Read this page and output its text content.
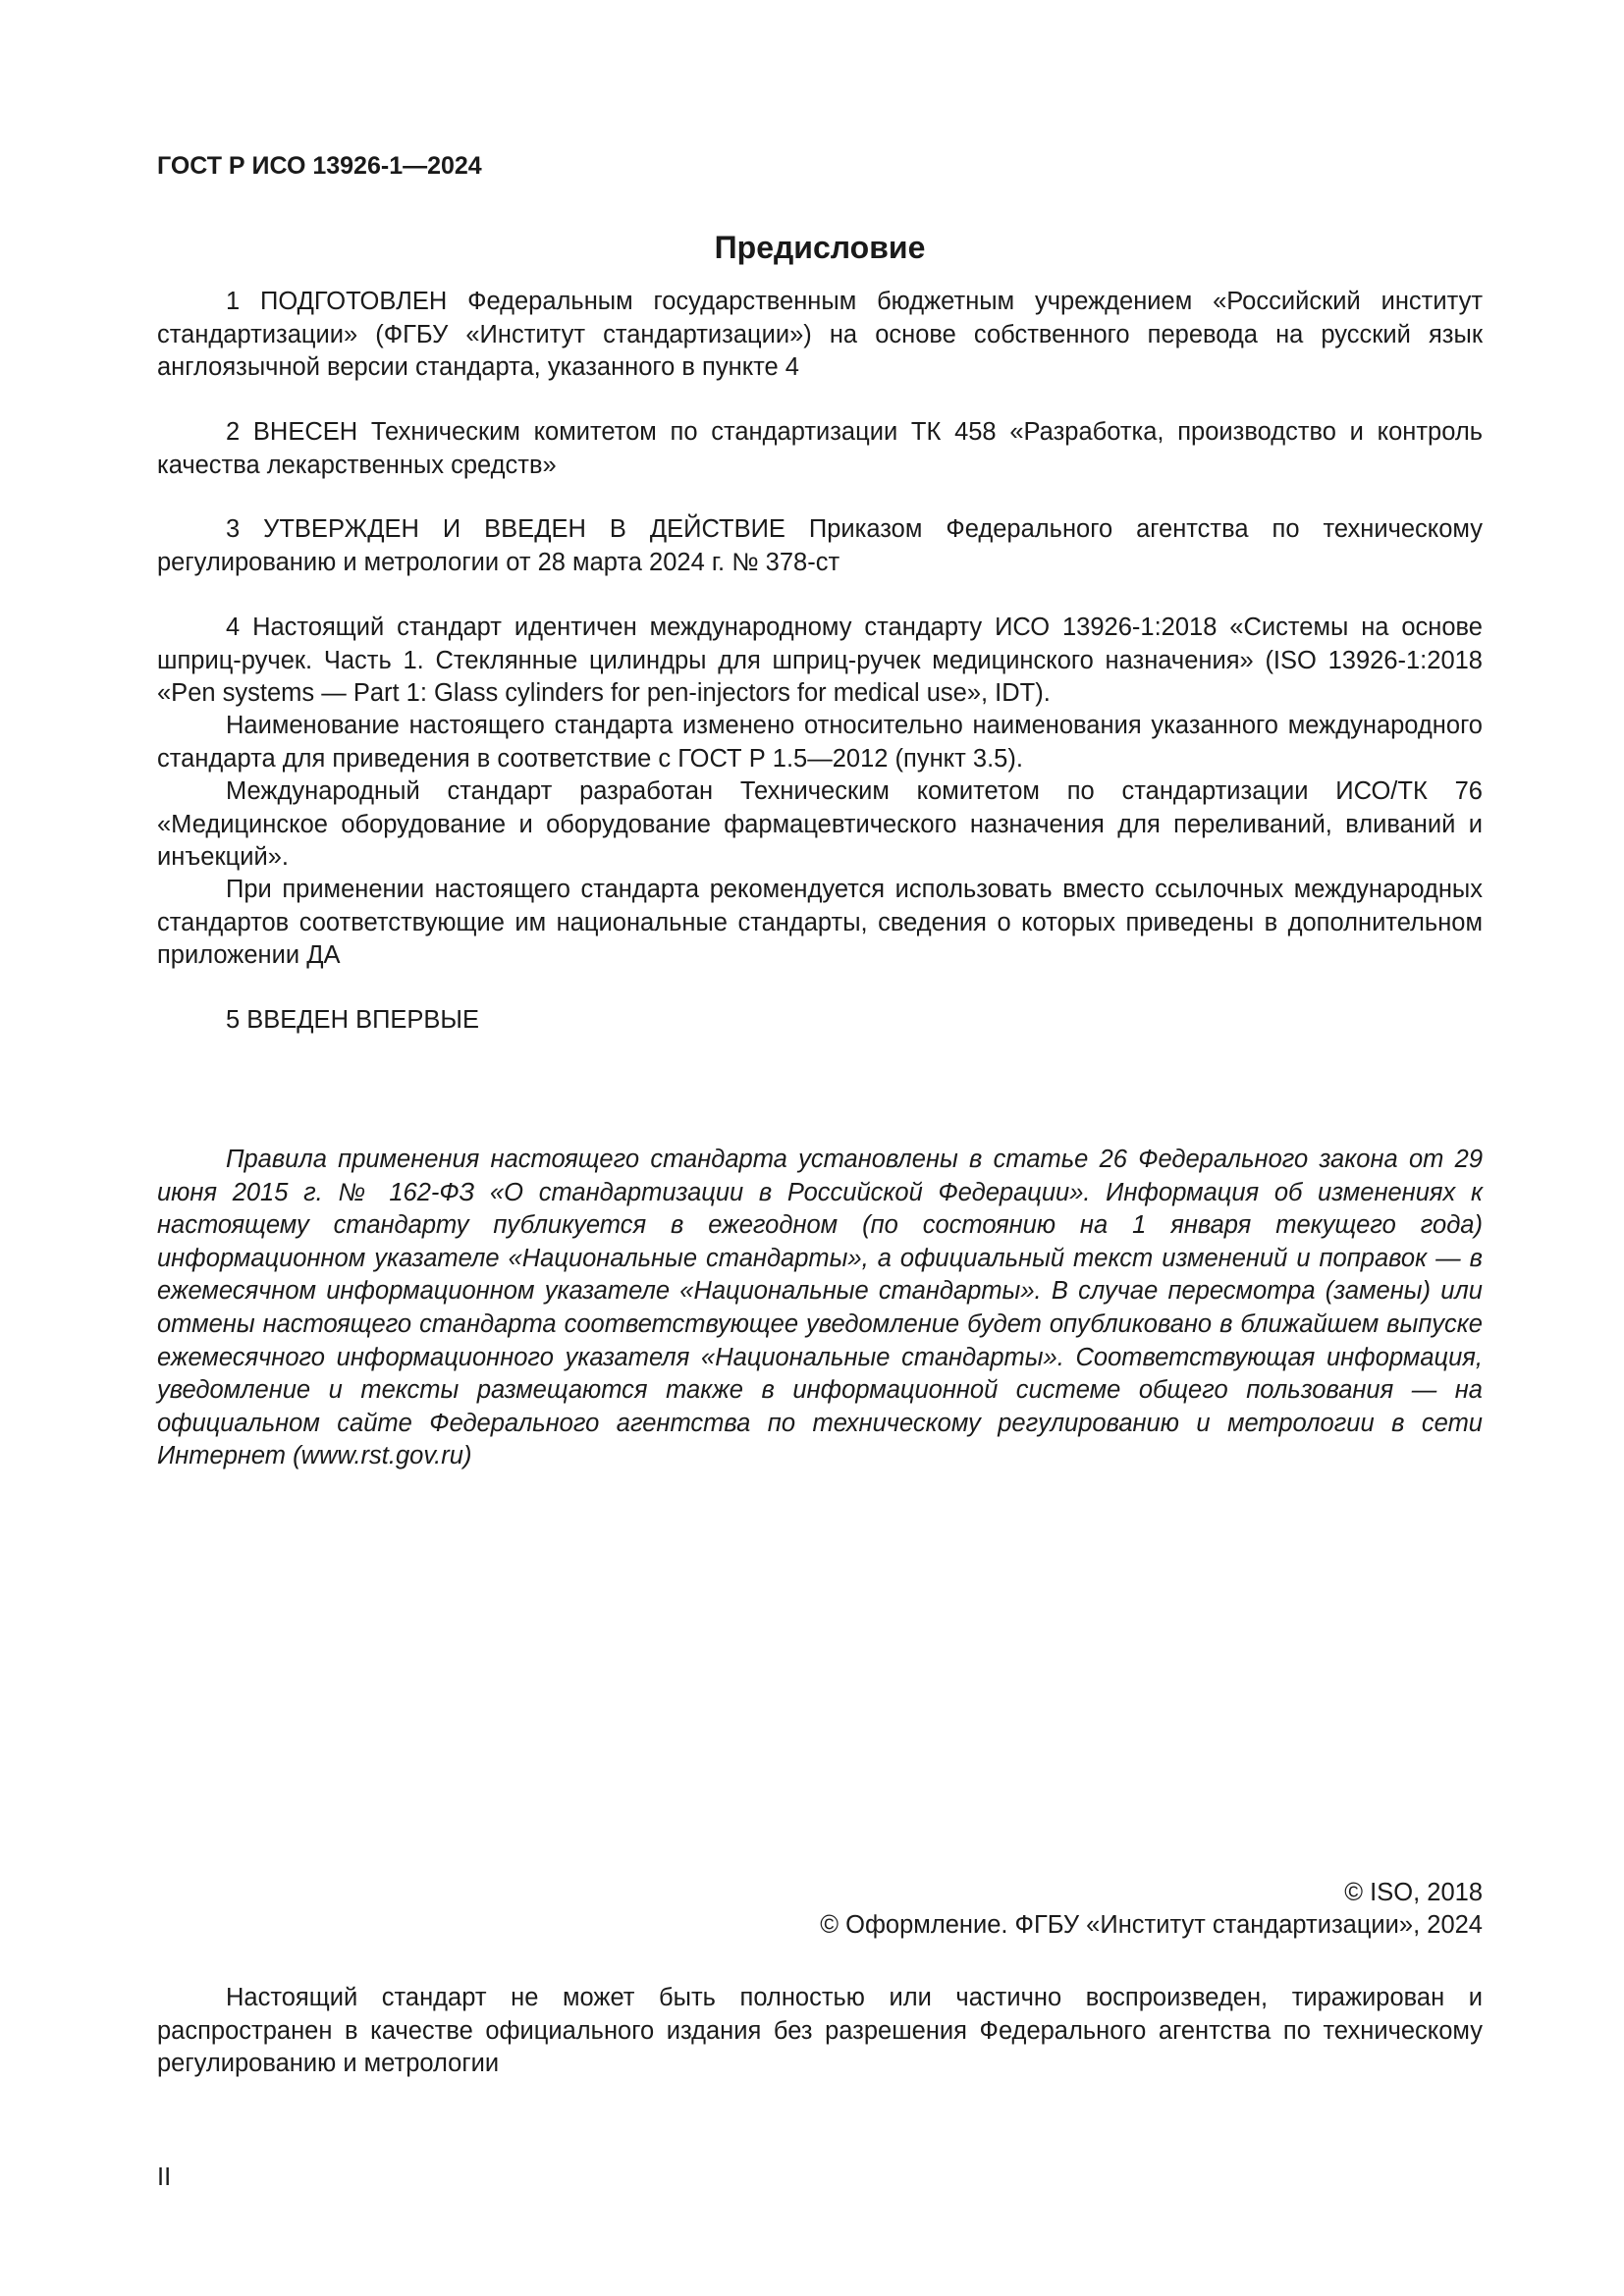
ГОСТ Р ИСО 13926-1—2024

Предисловие

1 ПОДГОТОВЛЕН Федеральным государственным бюджетным учреждением «Российский институт стандартизации» (ФГБУ «Институт стандартизации») на основе собственного перевода на русский язык англоязычной версии стандарта, указанного в пункте 4

2 ВНЕСЕН Техническим комитетом по стандартизации ТК 458 «Разработка, производство и контроль качества лекарственных средств»

3 УТВЕРЖДЕН И ВВЕДЕН В ДЕЙСТВИЕ Приказом Федерального агентства по техническому регулированию и метрологии от 28 марта 2024 г. № 378-ст

4 Настоящий стандарт идентичен международному стандарту ИСО 13926-1:2018 «Системы на основе шприц-ручек. Часть 1. Стеклянные цилиндры для шприц-ручек медицинского назначения» (ISO 13926-1:2018 «Pen systems — Part 1: Glass cylinders for pen-injectors for medical use», IDT).

Наименование настоящего стандарта изменено относительно наименования указанного международного стандарта для приведения в соответствие с ГОСТ Р 1.5—2012 (пункт 3.5).

Международный стандарт разработан Техническим комитетом по стандартизации ИСО/ТК 76 «Медицинское оборудование и оборудование фармацевтического назначения для переливаний, вливаний и инъекций».

При применении настоящего стандарта рекомендуется использовать вместо ссылочных международных стандартов соответствующие им национальные стандарты, сведения о которых приведены в дополнительном приложении ДА

5 ВВЕДЕН ВПЕРВЫЕ

Правила применения настоящего стандарта установлены в статье 26 Федерального закона от 29 июня 2015 г. № 162-ФЗ «О стандартизации в Российской Федерации». Информация об изменениях к настоящему стандарту публикуется в ежегодном (по состоянию на 1 января текущего года) информационном указателе «Национальные стандарты», а официальный текст изменений и поправок — в ежемесячном информационном указателе «Национальные стандарты». В случае пересмотра (замены) или отмены настоящего стандарта соответствующее уведомление будет опубликовано в ближайшем выпуске ежемесячного информационного указателя «Национальные стандарты». Соответствующая информация, уведомление и тексты размещаются также в информационной системе общего пользования — на официальном сайте Федерального агентства по техническому регулированию и метрологии в сети Интернет (www.rst.gov.ru)

© ISO, 2018

© Оформление. ФГБУ «Институт стандартизации», 2024

Настоящий стандарт не может быть полностью или частично воспроизведен, тиражирован и распространен в качестве официального издания без разрешения Федерального агентства по техническому регулированию и метрологии

II
